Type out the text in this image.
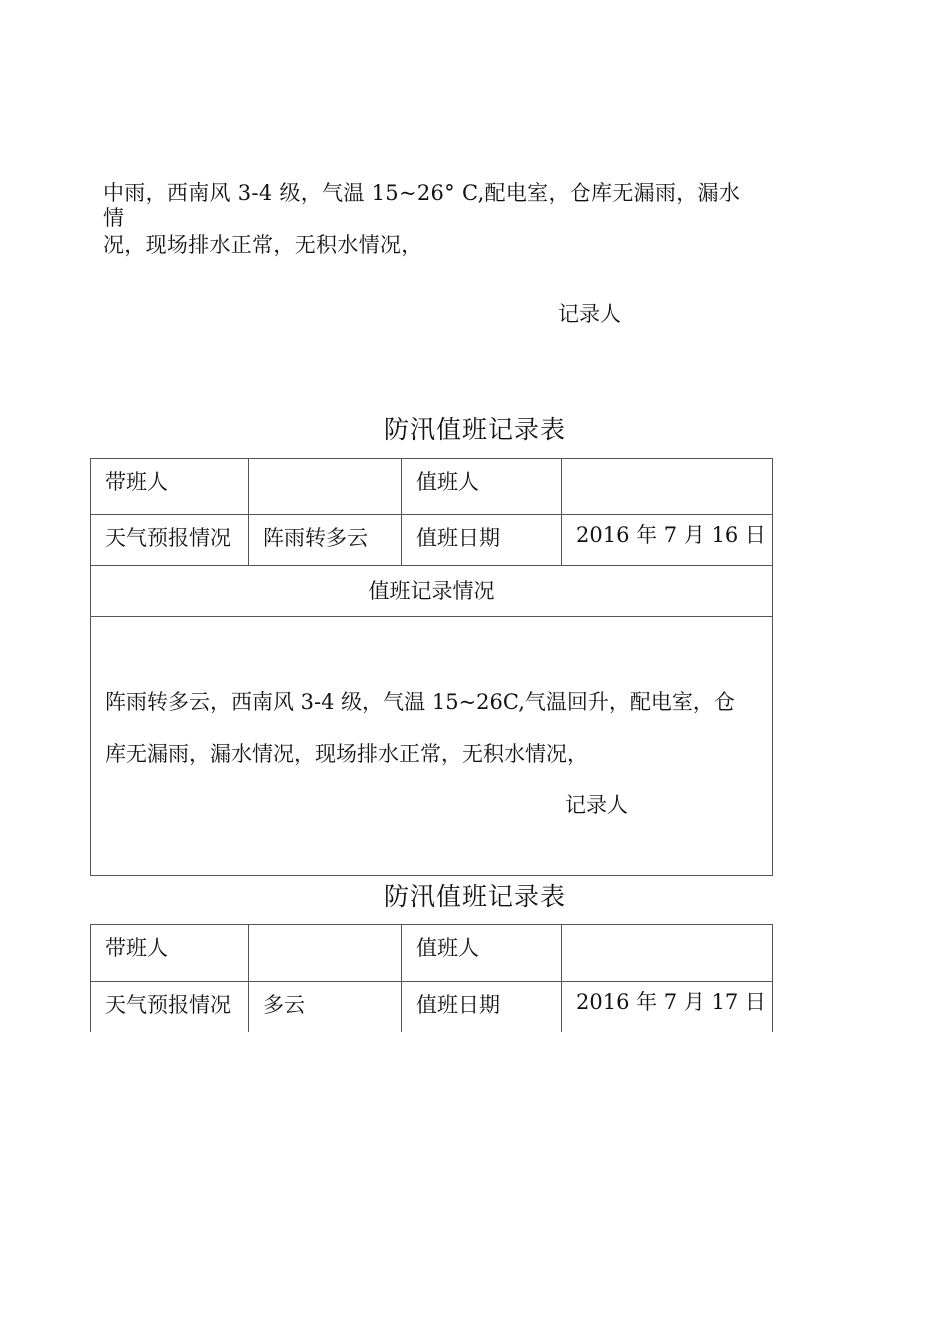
中雨，西南风 3-4 级，气温 15~26° C,配电室，仓库无漏雨，漏水
情
况，现场排水正常，无积水情况，
记录人
防汛值班记录表
带班人		值班人	
天气预报情况	阵雨转多云	值班日期	2016 年 7 月 16 日
值班记录情况			

阵雨转多云，西南风 3-4 级，气温 15~26C,气温回升，配电室，仓
库无漏雨，漏水情况，现场排水正常，无积水情况，
记录人			
防汛值班记录表
带班人		值班人	
天气预报情况	多云	值班日期	2016 年 7 月 17 日
